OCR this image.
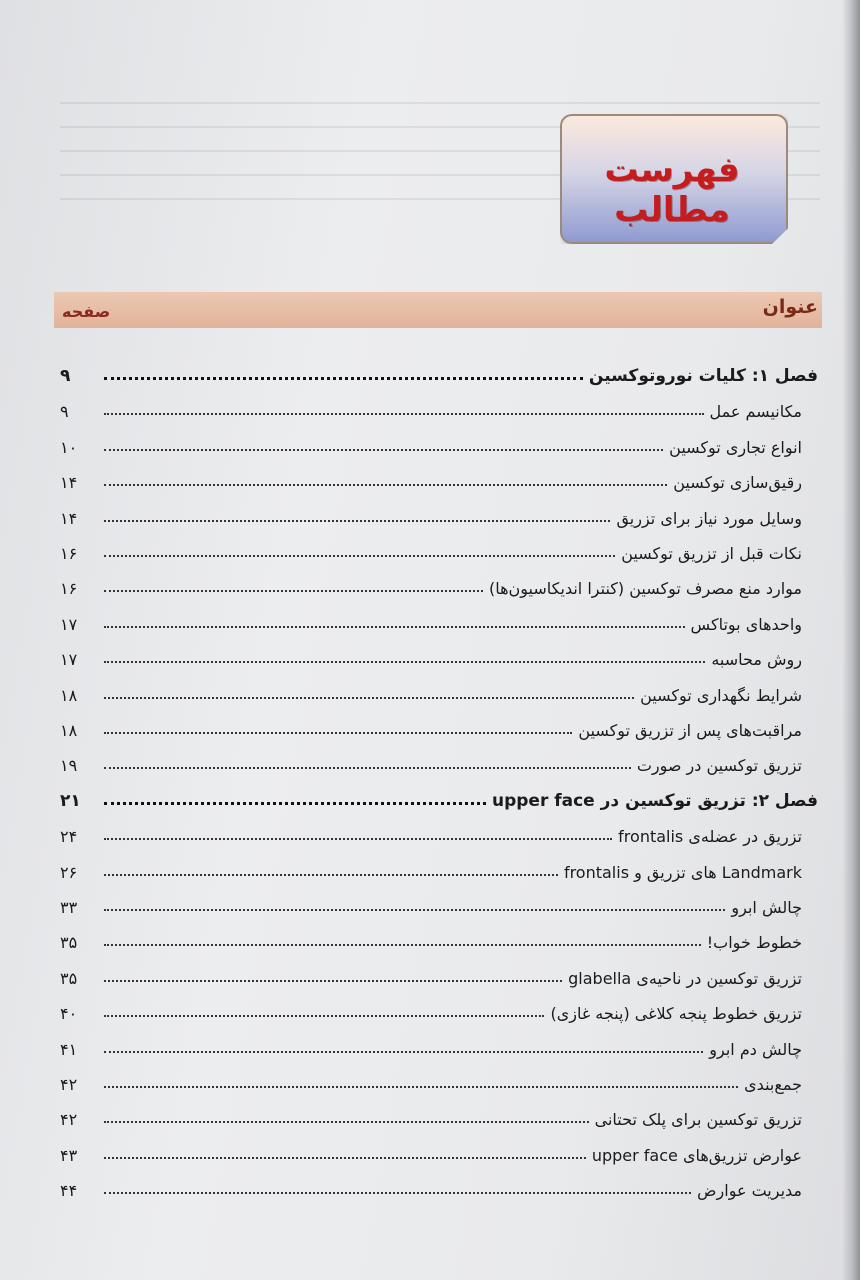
فهرست مطالب
عنوان
صفحه
فصل ۱: کلیات نوروتوکسین
۹
مکانیسم عمل
۹
انواع تجاری توکسین
۱۰
رقیق‌سازی توکسین
۱۴
وسایل مورد نیاز برای تزریق
۱۴
نکات قبل از تزریق توکسین
۱۶
موارد منع مصرف توکسین (کنترا اندیکاسیون‌ها)
۱۶
واحدهای بوتاکس
۱۷
روش محاسبه
۱۷
شرایط نگهداری توکسین
۱۸
مراقبت‌های پس از تزریق توکسین
۱۸
تزریق توکسین در صورت
۱۹
فصل ۲: تزریق توکسین در upper face
۲۱
تزریق در عضله‌ی frontalis
۲۴
Landmark های تزریق و frontalis
۲۶
چالش ابرو
۳۳
خطوط خواب!
۳۵
تزریق توکسین در ناحیه‌ی glabella
۳۵
تزریق خطوط پنجه کلاغی (پنجه غازی)
۴۰
چالش دم ابرو
۴۱
جمع‌بندی
۴۲
تزریق توکسین برای پلک تحتانی
۴۲
عوارض تزریق‌های upper face
۴۳
مدیریت عوارض
۴۴
